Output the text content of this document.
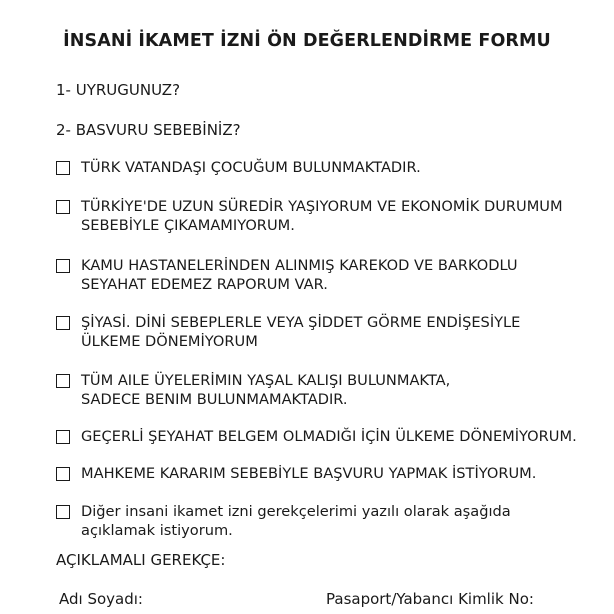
İNSANİ İKAMET İZNİ ÖN DEĞERLENDİRME FORMU
1- UYRUGUNUZ?
2- BASVURU SEBEBİNİZ?
TÜRK VATANDAŞI ÇOCUĞUM BULUNMAKTADIR.
TÜRKİYE'DE UZUN SÜREDİR YAŞIYORUM VE EKONOMİK DURUMUM
SEBEBİYLE ÇIKAMAMIYORUM.
KAMU HASTANELERİNDEN ALINMIŞ KAREKOD VE BARKODLU
SEYAHAT EDEMEZ RAPORUM VAR.
ŞİYASİ. DİNİ SEBEPLERLE VEYA ŞİDDET GÖRME ENDİŞESİYLE
ÜLKEME DÖNEMİYORUM
TÜM AILE ÜYELERİMIN YAŞAL KALIŞI BULUNMAKTA,
SADECE BENIM BULUNMAMAKTADIR.
GEÇERLİ ŞEYAHAT BELGEM OLMADIĞI İÇİN ÜLKEME DÖNEMİYORUM.
MAHKEME KARARIM SEBEBİYLE BAŞVURU YAPMAK İSTİYORUM.
Diğer insani ikamet izni gerekçelerimi yazılı olarak aşağıda
açıklamak istiyorum.
AÇIKLAMALI GEREKÇE:
Adı Soyadı:	Pasaport/Yabancı Kimlik No:
